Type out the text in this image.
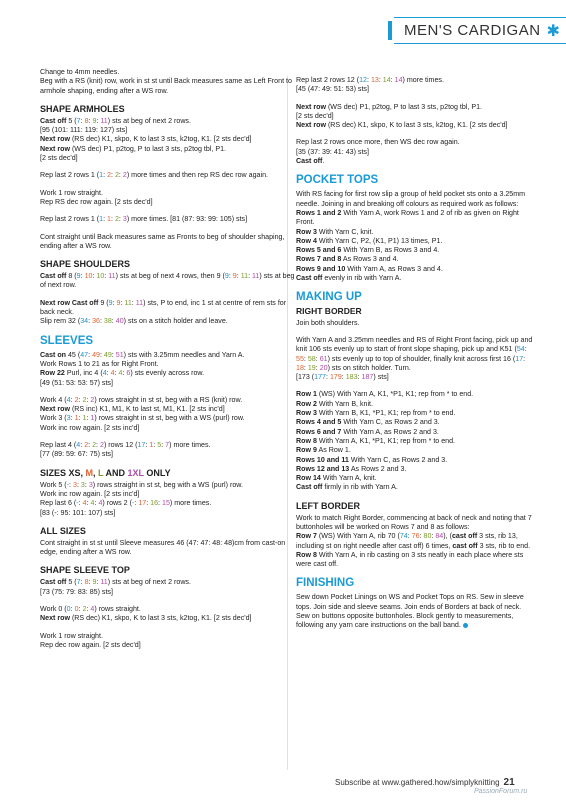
MEN'S CARDIGAN ✱

Change to 4mm needles.
Beg with a RS (knit) row, work in st st until Back measures same as Left Front to armhole shaping, ending after a WS row.

SHAPE ARMHOLES
Cast off 5 (7: 8: 9: 11) sts at beg of next 2 rows.
[95 (101: 111: 119: 127) sts]
Next row (RS dec) K1, skpo, K to last 3 sts, k2tog, K1. [2 sts dec'd]
Next row (WS dec) P1, p2tog, P to last 3 sts, p2tog tbl, P1.

[2 sts dec'd]

Rep last 2 rows 1 (1: 2: 2: 2) more times and then rep RS dec row again.

Work 1 row straight.

Rep RS dec row again. [2 sts dec'd]

Rep last 2 rows 1 (1: 1: 2: 3) more times. [81 (87: 93: 99: 105) sts]

Cont straight until Back measures same as Fronts to beg of shoulder shaping, ending after a WS row.

SHAPE SHOULDERS

Cast off 8 (9: 10: 10: 11) sts at beg of next 4 rows, then 9 (9: 9: 11: 11) sts at beg of next row.

Next row Cast off 9 (9: 9: 11: 11) sts, P to end, inc 1 st at centre of rem sts for back neck.

Slip rem 32 (34: 36: 38: 40) sts on a stitch holder and leave.

SLEEVES
Cast on 45 (47: 49: 49: 51) sts with 3.25mm needles and Yarn A.
Work Rows 1 to 21 as for Right Front.
Row 22 Purl, inc 4 (4: 4: 4: 6) sts evenly across row.

[49 (51: 53: 53: 57) sts]

Work 4 (4: 2: 2: 2) rows straight in st st, beg with a RS (knit) row.
Next row (RS inc) K1, M1, K to last st, M1, K1. [2 sts inc'd]
Work 3 (3: 1: 1: 1) rows straight in st st, beg with a WS (purl) row.

Work inc row again. [2 sts inc'd]

Rep last 4 (4: 2: 2: 2) rows 12 (17: 1: 5: 7) more times.

[77 (89: 59: 67: 75) sts]

SIZES XS, M, L AND 1XL ONLY
Work 5 (-: 3: 3: 3) rows straight in st st, beg with a WS (purl) row.
Work inc row again. [2 sts inc'd]
Rep last 6 (-: 4: 4: 4) rows 2 (-: 17: 16: 15) more times.

[83 (-: 95: 101: 107) sts]

ALL SIZES

Cont straight in st st until Sleeve measures 46 (47: 47: 48: 48)cm from cast-on edge, ending after a WS row.

SHAPE SLEEVE TOP
Cast off 5 (7: 8: 9: 11) sts at beg of next 2 rows.

[73 (75: 79: 83: 85) sts]

Work 0 (0: 0: 2: 4) rows straight.

Next row (RS dec) K1, skpo, K to last 3 sts, k2tog, K1. [2 sts dec'd]

Work 1 row straight.
Rep dec row again. [2 sts dec'd]
Rep last 2 rows 12 (12: 13: 14: 14) more times.

[45 (47: 49: 51: 53) sts]

Next row (WS dec) P1, p2tog, P to last 3 sts, p2tog tbl, P1.
[2 sts dec'd]

Next row (RS dec) K1, skpo, K to last 3 sts, k2tog, K1. [2 sts dec'd]

Rep last 2 rows once more, then WS dec row again.
[35 (37: 39: 41: 43) sts]

Cast off.

POCKET TOPS
With RS facing for first row slip a group of held pocket sts onto a 3.25mm needle. Joining in and breaking off colours as required work as follows:
Rows 1 and 2 With Yarn A, work Rows 1 and 2 of rib as given on Right Front.
Row 3 With Yarn C, knit.
Row 4 With Yarn C, P2, (K1, P1) 13 times, P1.
Rows 5 and 6 With Yarn B, as Rows 3 and 4.
Rows 7 and 8 As Rows 3 and 4.
Rows 9 and 10 With Yarn A, as Rows 3 and 4.

Cast off evenly in rib with Yarn A.

MAKING UP
RIGHT BORDER

Join both shoulders.

With Yarn A and 3.25mm needles and RS of Right Front facing, pick up and knit 106 sts evenly up to start of front slope shaping, pick up and K51 (54: 55: 58: 61) sts evenly up to top of shoulder, finally knit across first 16 (17: 18: 19: 20) sts on stitch holder. Turn.

[173 (177: 179: 183: 187) sts]

Row 1 (WS) With Yarn A, K1, *P1, K1; rep from * to end.
Row 2 With Yarn B, knit.
Row 3 With Yarn B, K1, *P1, K1; rep from * to end.
Rows 4 and 5 With Yarn C, as Rows 2 and 3.
Rows 6 and 7 With Yarn A, as Rows 2 and 3.
Row 8 With Yarn A, K1, *P1, K1; rep from * to end.
Row 9 As Row 1.
Rows 10 and 11 With Yarn C, as Rows 2 and 3.
Rows 12 and 13 As Rows 2 and 3.
Row 14 With Yarn A, knit.

Cast off firmly in rib with Yarn A.

LEFT BORDER
Work to match Right Border, commencing at back of neck and noting that 7 buttonholes will be worked on Rows 7 and 8 as follows:
Row 7 (WS) With Yarn A, rib 70 (74: 76: 80: 84), (cast off 3 sts, rib 13, including st on right needle after cast off) 6 times, cast off 3 sts, rib to end.

Row 8 With Yarn A, in rib casting on 3 sts neatly in each place where sts were cast off.

FINISHING
Sew down Pocket Linings on WS and Pocket Tops on RS. Sew in sleeve tops. Join side and sleeve seams. Join ends of Borders at back of neck. Sew on buttons opposite buttonholes. Block gently to measurements, following any yarn care instructions on the ball band.
Subscribe at www.gathered.how/simplyknitting 21
PassionForum.ru
